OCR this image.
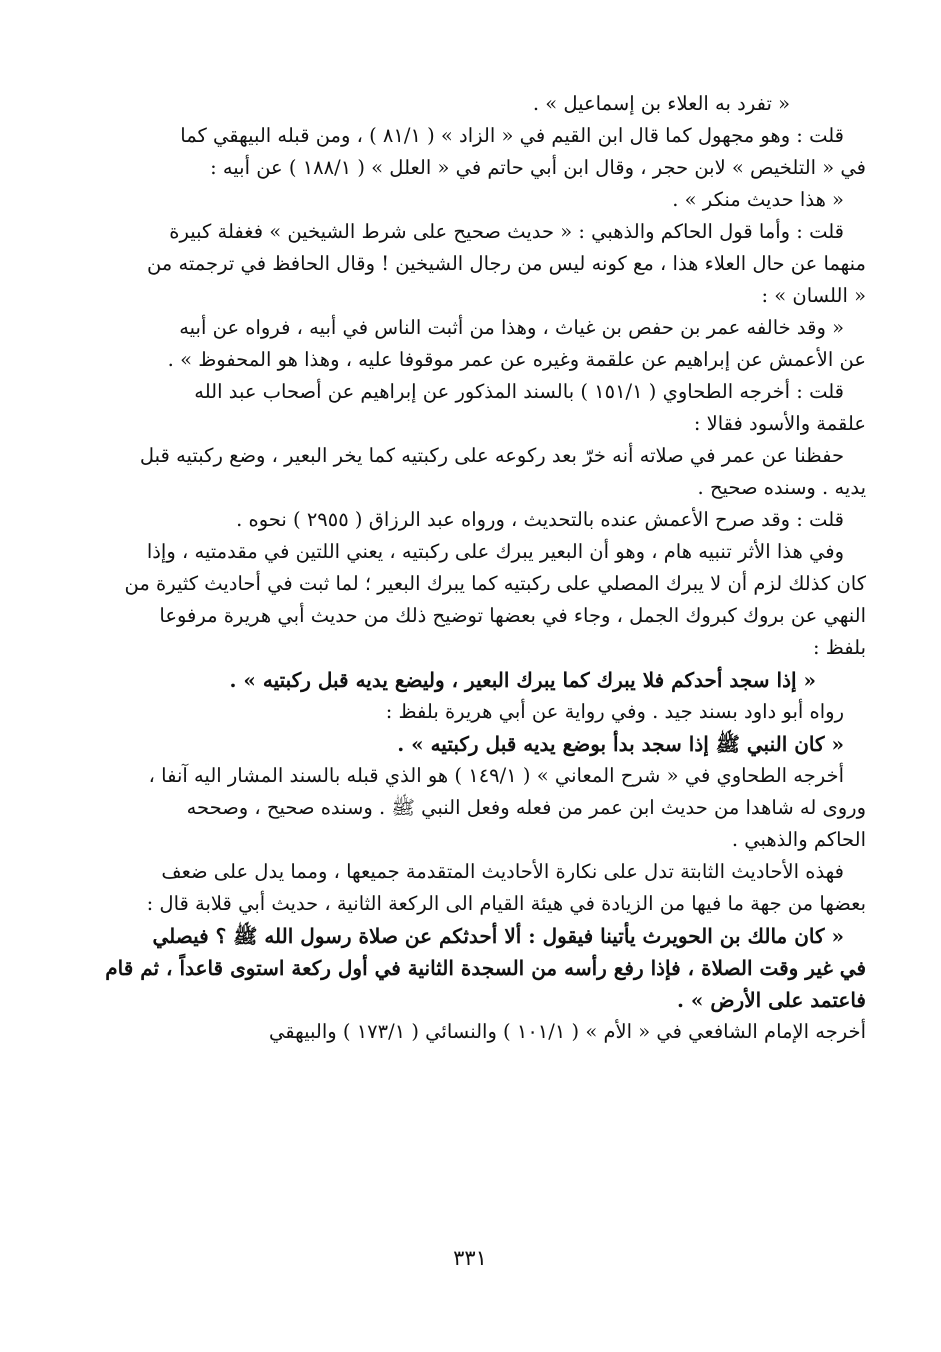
« تفرد به العلاء بن إسماعيل » .
قلت : وهو مجهول كما قال ابن القيم في « الزاد » ( ٨١/١ ) ، ومن قبله البيهقي كما
في « التلخيص » لابن حجر ، وقال ابن أبي حاتم في « العلل » ( ١٨٨/١ ) عن أبيه :
« هذا حديث منكر » .
قلت : وأما قول الحاكم والذهبي : « حديث صحيح على شرط الشيخين » فغفلة كبيرة
منهما عن حال العلاء هذا ، مع كونه ليس من رجال الشيخين ! وقال الحافظ في ترجمته من
« اللسان » :
« وقد خالفه عمر بن حفص بن غياث ، وهذا من أثبت الناس في أبيه ، فرواه عن أبيه
عن الأعمش عن إبراهيم عن علقمة وغيره عن عمر موقوفا عليه ، وهذا هو المحفوظ » .
قلت : أخرجه الطحاوي ( ١٥١/١ ) بالسند المذكور عن إبراهيم عن أصحاب عبد الله
علقمة والأسود فقالا :
حفظنا عن عمر في صلاته أنه خرّ بعد ركوعه على ركبتيه كما يخر البعير ، وضع ركبتيه قبل
يديه . وسنده صحيح .
قلت : وقد صرح الأعمش عنده بالتحديث ، ورواه عبد الرزاق ( ٢٩٥٥ ) نحوه .
وفي هذا الأثر تنبيه هام ، وهو أن البعير يبرك على ركبتيه ، يعني اللتين في مقدمتيه ، وإذا
كان كذلك لزم أن لا يبرك المصلي على ركبتيه كما يبرك البعير ؛ لما ثبت في أحاديث كثيرة من
النهي عن بروك كبروك الجمل ، وجاء في بعضها توضيح ذلك من حديث أبي هريرة مرفوعا
بلفظ :
« إذا سجد أحدكم فلا يبرك كما يبرك البعير ، وليضع يديه قبل ركبتيه » .
رواه أبو داود بسند جيد . وفي رواية عن أبي هريرة بلفظ :
« كان النبي ﷺ إذا سجد بدأ بوضع يديه قبل ركبتيه » .
أخرجه الطحاوي في « شرح المعاني » ( ١٤٩/١ ) هو الذي قبله بالسند المشار اليه آنفا ،
وروى له شاهدا من حديث ابن عمر من فعله وفعل النبي ﷺ . وسنده صحيح ، وصححه
الحاكم والذهبي .
فهذه الأحاديث الثابتة تدل على نكارة الأحاديث المتقدمة جميعها ، ومما يدل على ضعف
بعضها من جهة ما فيها من الزيادة في هيئة القيام الى الركعة الثانية ، حديث أبي قلابة قال :
« كان مالك بن الحويرث يأتينا فيقول : ألا أحدثكم عن صلاة رسول الله ﷺ ؟ فيصلي
في غير وقت الصلاة ، فإذا رفع رأسه من السجدة الثانية في أول ركعة استوى قاعداً ، ثم قام
فاعتمد على الأرض » .
أخرجه الإمام الشافعي في « الأم » ( ١٠١/١ ) والنسائي ( ١٧٣/١ ) والبيهقي
٣٣١
